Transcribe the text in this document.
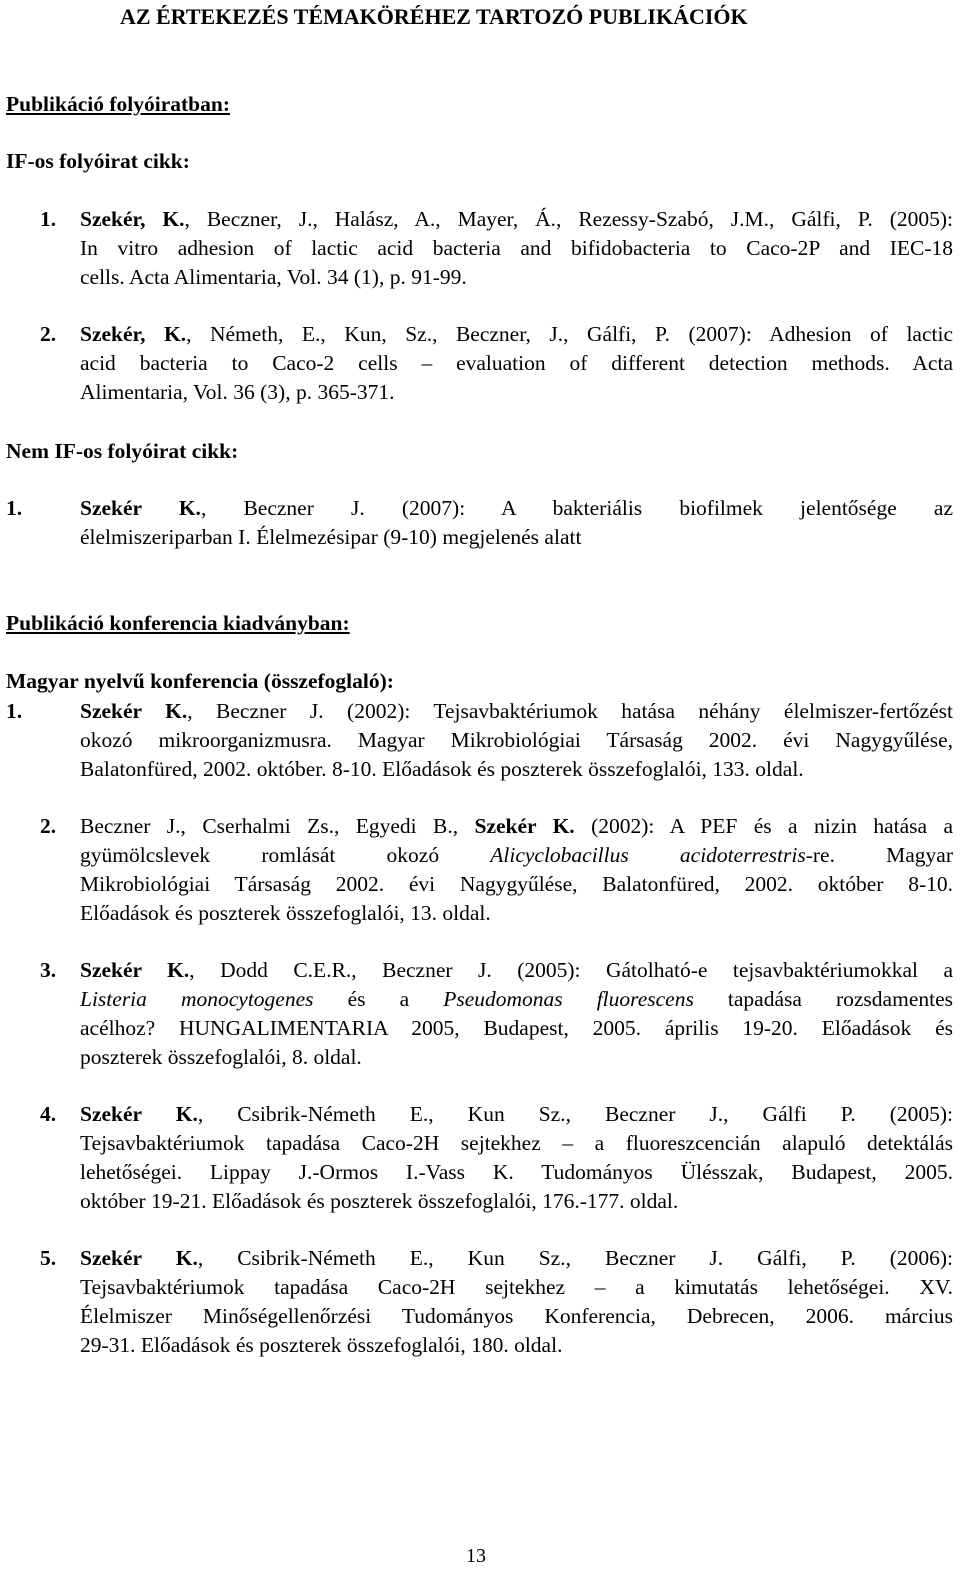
AZ ÉRTEKEZÉS TÉMAKÖRÉHEZ TARTOZÓ PUBLIKÁCIÓK
Publikáció folyóiratban:
IF-os folyóirat cikk:
1. Szekér, K., Beczner, J., Halász, A., Mayer, Á., Rezessy-Szabó, J.M., Gálfi, P. (2005):
In vitro adhesion of lactic acid bacteria and bifidobacteria to Caco-2P and IEC-18
cells. Acta Alimentaria, Vol. 34 (1), p. 91-99.
2. Szekér, K., Németh, E., Kun, Sz., Beczner, J., Gálfi, P. (2007): Adhesion of lactic
acid bacteria to Caco-2 cells – evaluation of different detection methods. Acta
Alimentaria, Vol. 36 (3), p. 365-371.
Nem IF-os folyóirat cikk:
1.	Szekér K., Beczner J. (2007): A bakteriális biofilmek jelentősége az
élelmiszeriparban I. Élelmezésipar (9-10) megjelenés alatt
Publikáció konferencia kiadványban:
Magyar nyelvű konferencia (összefoglaló):
1.	Szekér K., Beczner J. (2002): Tejsavbaktériumok hatása néhány élelmiszer-fertőzést
okozó mikroorganizmusra. Magyar Mikrobiológiai Társaság 2002. évi Nagygyűlése,
Balatonfüred, 2002. október. 8-10. Előadások és poszterek összefoglalói, 133. oldal.
2. Beczner J., Cserhalmi Zs., Egyedi B., Szekér K. (2002): A PEF és a nizin hatása a
gyümölcslevek romlását okozó Alicyclobacillus acidoterrestris-re. Magyar
Mikrobiológiai Társaság 2002. évi Nagygyűlése, Balatonfüred, 2002. október 8-10.
Előadások és poszterek összefoglalói, 13. oldal.
3. Szekér K., Dodd C.E.R., Beczner J. (2005): Gátolható-e tejsavbaktériumokkal a
Listeria monocytogenes és a Pseudomonas fluorescens tapadása rozsdamentes
acélhoz? HUNGALIMENTARIA 2005, Budapest, 2005. április 19-20. Előadások és
poszterek összefoglalói, 8. oldal.
4. Szekér K., Csibrik-Németh E., Kun Sz., Beczner J., Gálfi P. (2005):
Tejsavbaktériumok tapadása Caco-2H sejtekhez – a fluoreszcencián alapuló detektálás
lehetőségei. Lippay J.-Ormos I.-Vass K. Tudományos Ülésszak, Budapest, 2005.
október 19-21. Előadások és poszterek összefoglalói, 176.-177. oldal.
5. Szekér K., Csibrik-Németh E., Kun Sz., Beczner J. Gálfi, P. (2006):
Tejsavbaktériumok tapadása Caco-2H sejtekhez – a kimutatás lehetőségei. XV.
Élelmiszer Minőségellenőrzési Tudományos Konferencia, Debrecen, 2006. március
29-31. Előadások és poszterek összefoglalói, 180. oldal.
13
